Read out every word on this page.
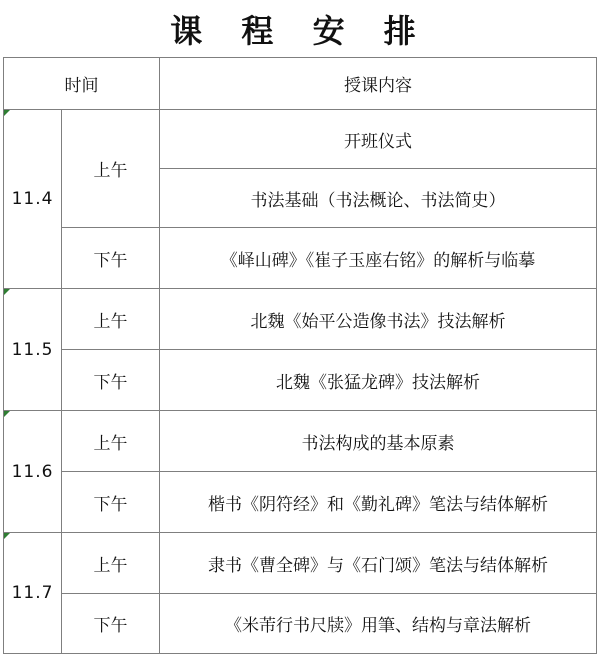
课 程 安 排
时间		授课内容

11.4	上午	开班仪式
		书法基础（书法概论、书法简史）
	下午	《峄山碑》《崔子玉座右铭》的解析与临摹

11.5	上午	北魏《始平公造像书法》技法解析
	下午	北魏《张猛龙碑》技法解析

11.6	上午	书法构成的基本原素
	下午	楷书《阴符经》和《勤礼碑》笔法与结体解析

11.7	上午	隶书《曹全碑》与《石门颂》笔法与结体解析
	下午	《米芾行书尺牍》用筆、结构与章法解析
